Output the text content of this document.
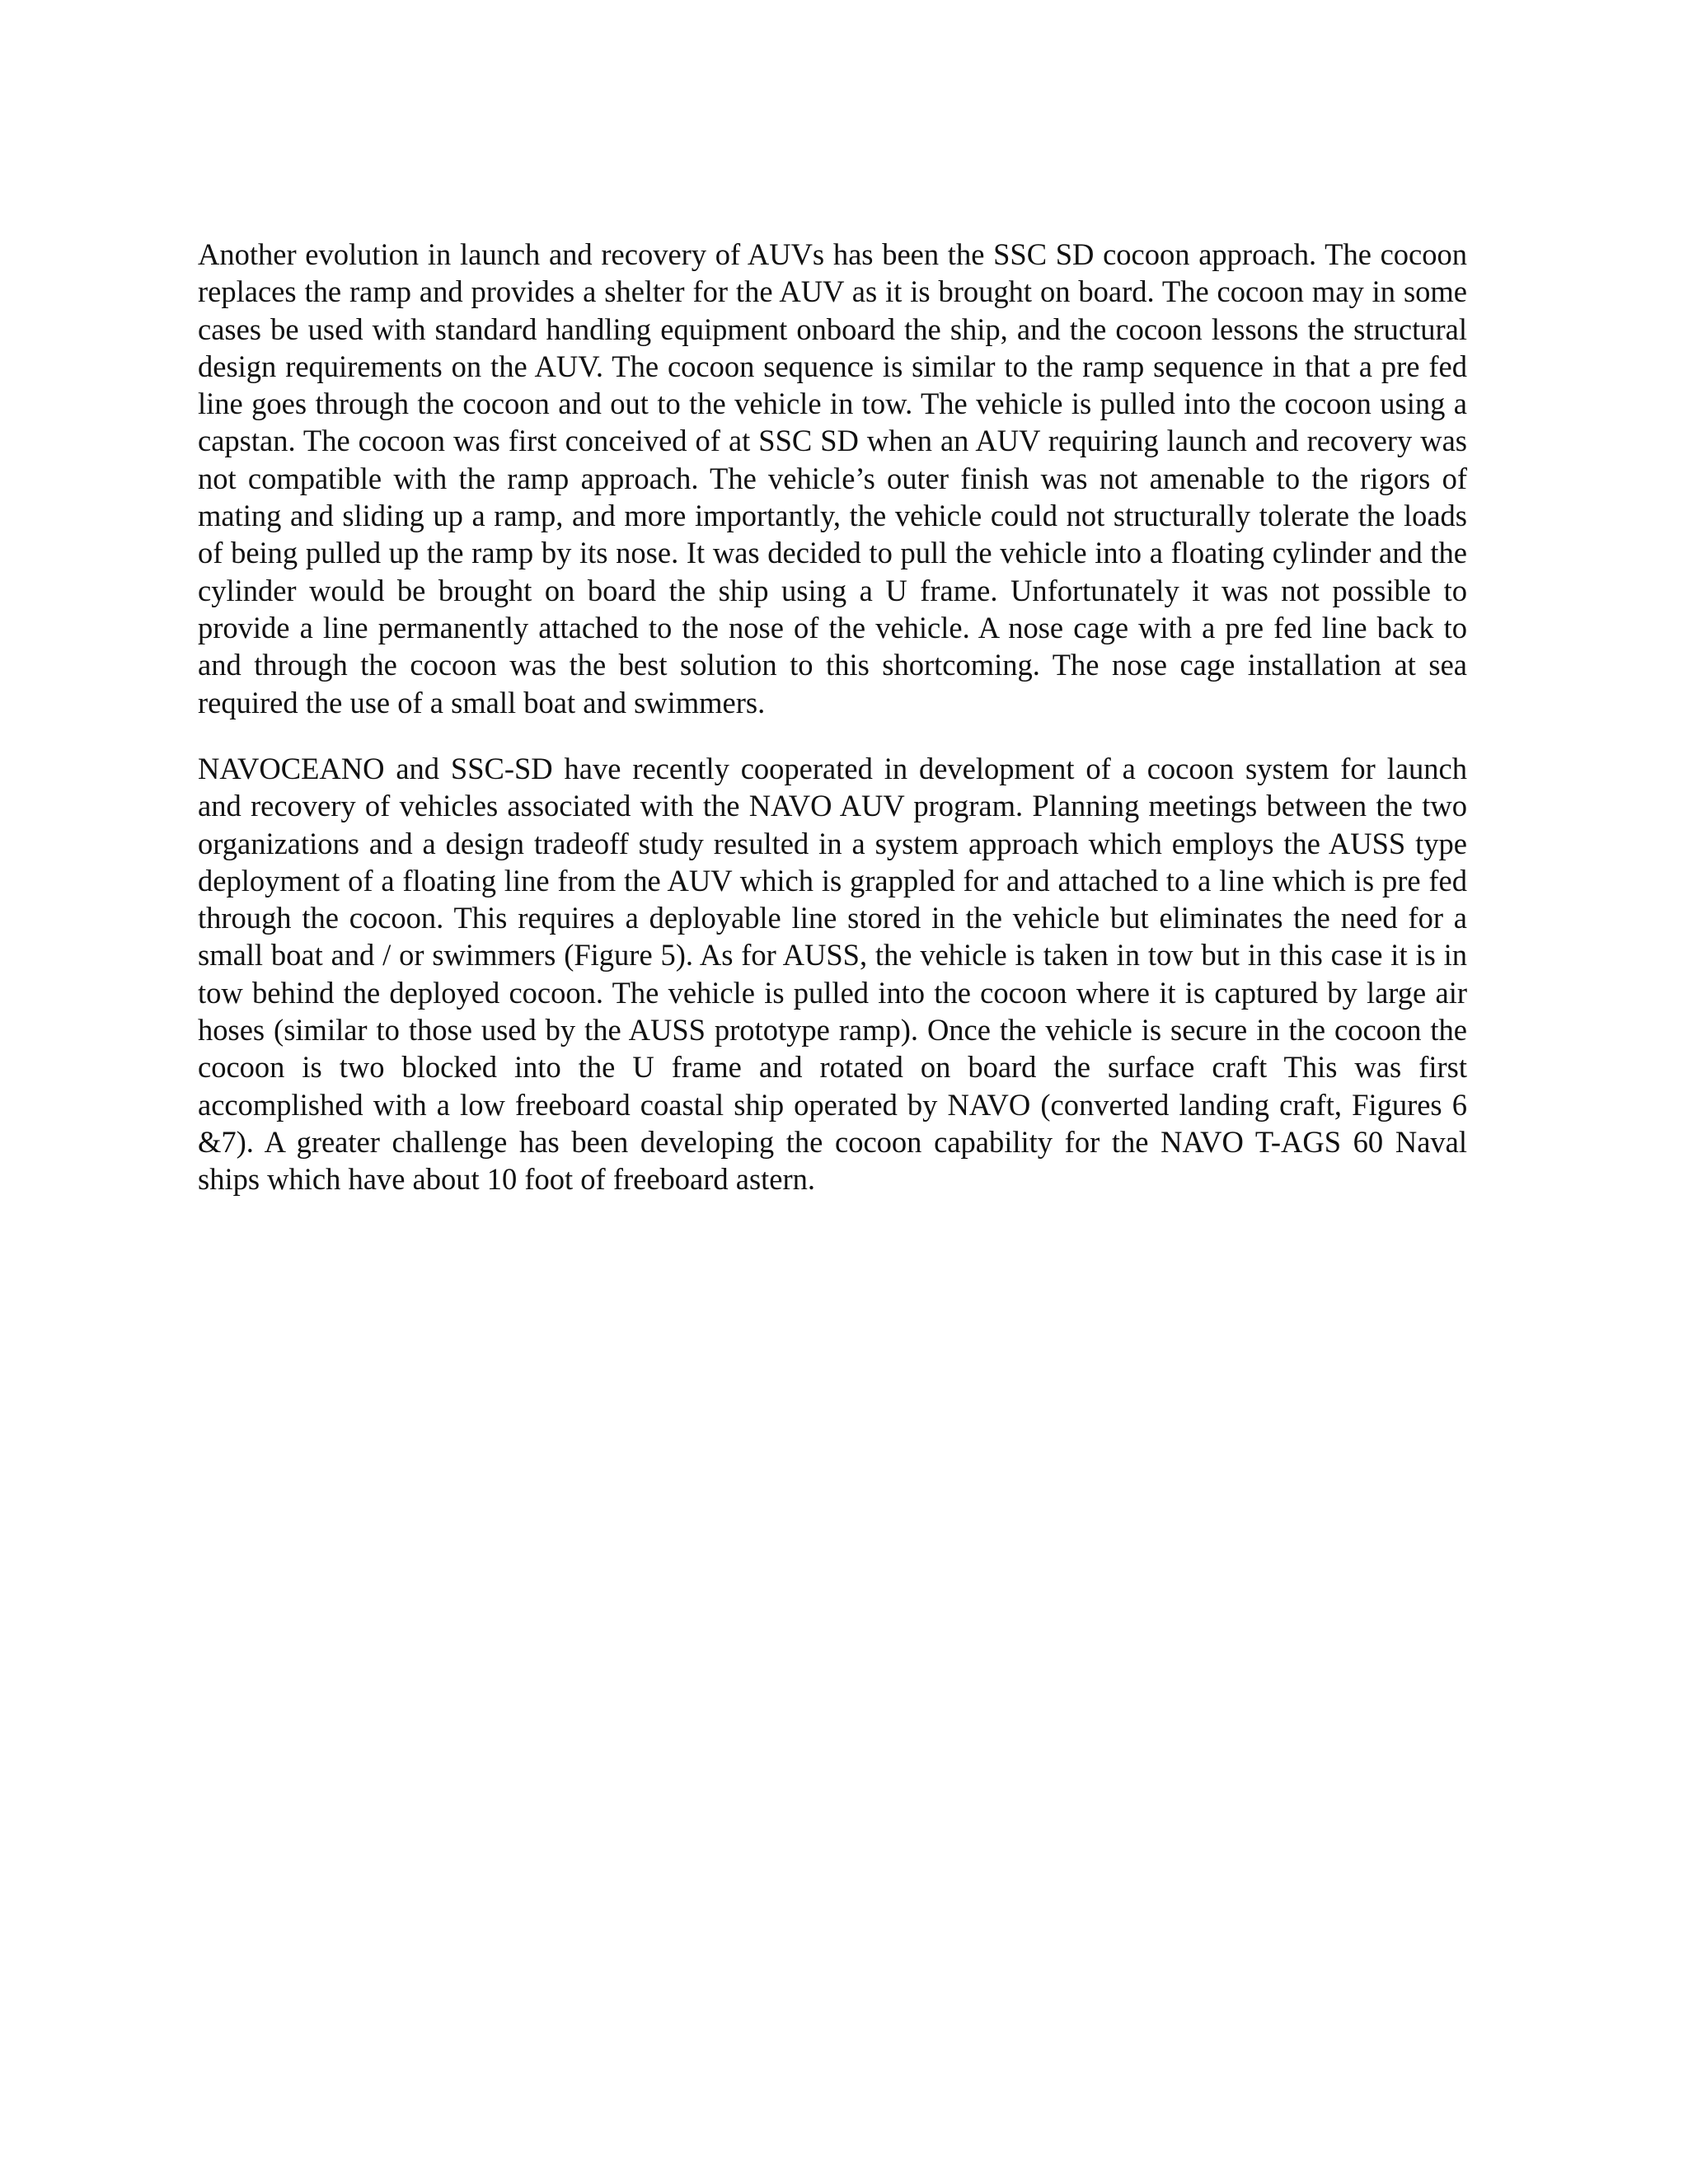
Another evolution in launch and recovery of AUVs has been the SSC SD cocoon approach. The cocoon replaces the ramp and provides a shelter for the AUV as it is brought on board. The cocoon may in some cases be used with standard handling equipment onboard the ship, and the cocoon lessons the structural design requirements on the AUV. The cocoon sequence is similar to the ramp sequence in that a pre fed line goes through the cocoon and out to the vehicle in tow. The vehicle is pulled into the cocoon using a capstan. The cocoon was first conceived of at SSC SD when an AUV requiring launch and recovery was not compatible with the ramp approach. The vehicle’s outer finish was not amenable to the rigors of mating and sliding up a ramp, and more importantly, the vehicle could not structurally tolerate the loads of being pulled up the ramp by its nose. It was decided to pull the vehicle into a floating cylinder and the cylinder would be brought on board the ship using a U frame. Unfortunately it was not possible to provide a line permanently attached to the nose of the vehicle. A nose cage with a pre fed line back to and through the cocoon was the best solution to this shortcoming. The nose cage installation at sea required the use of a small boat and swimmers.

NAVOCEANO and SSC-SD have recently cooperated in development of a cocoon system for launch and recovery of vehicles associated with the NAVO AUV program. Planning meetings between the two organizations and a design tradeoff study resulted in a system approach which employs the AUSS type deployment of a floating line from the AUV which is grappled for and attached to a line which is pre fed through the cocoon. This requires a deployable line stored in the vehicle but eliminates the need for a small boat and / or swimmers (Figure 5). As for AUSS, the vehicle is taken in tow but in this case it is in tow behind the deployed cocoon. The vehicle is pulled into the cocoon where it is captured by large air hoses (similar to those used by the AUSS prototype ramp). Once the vehicle is secure in the cocoon the cocoon is two blocked into the U frame and rotated on board the surface craft This was first accomplished with a low freeboard coastal ship operated by NAVO (converted landing craft, Figures 6 &7). A greater challenge has been developing the cocoon capability for the NAVO T-AGS 60 Naval ships which have about 10 foot of freeboard astern.
